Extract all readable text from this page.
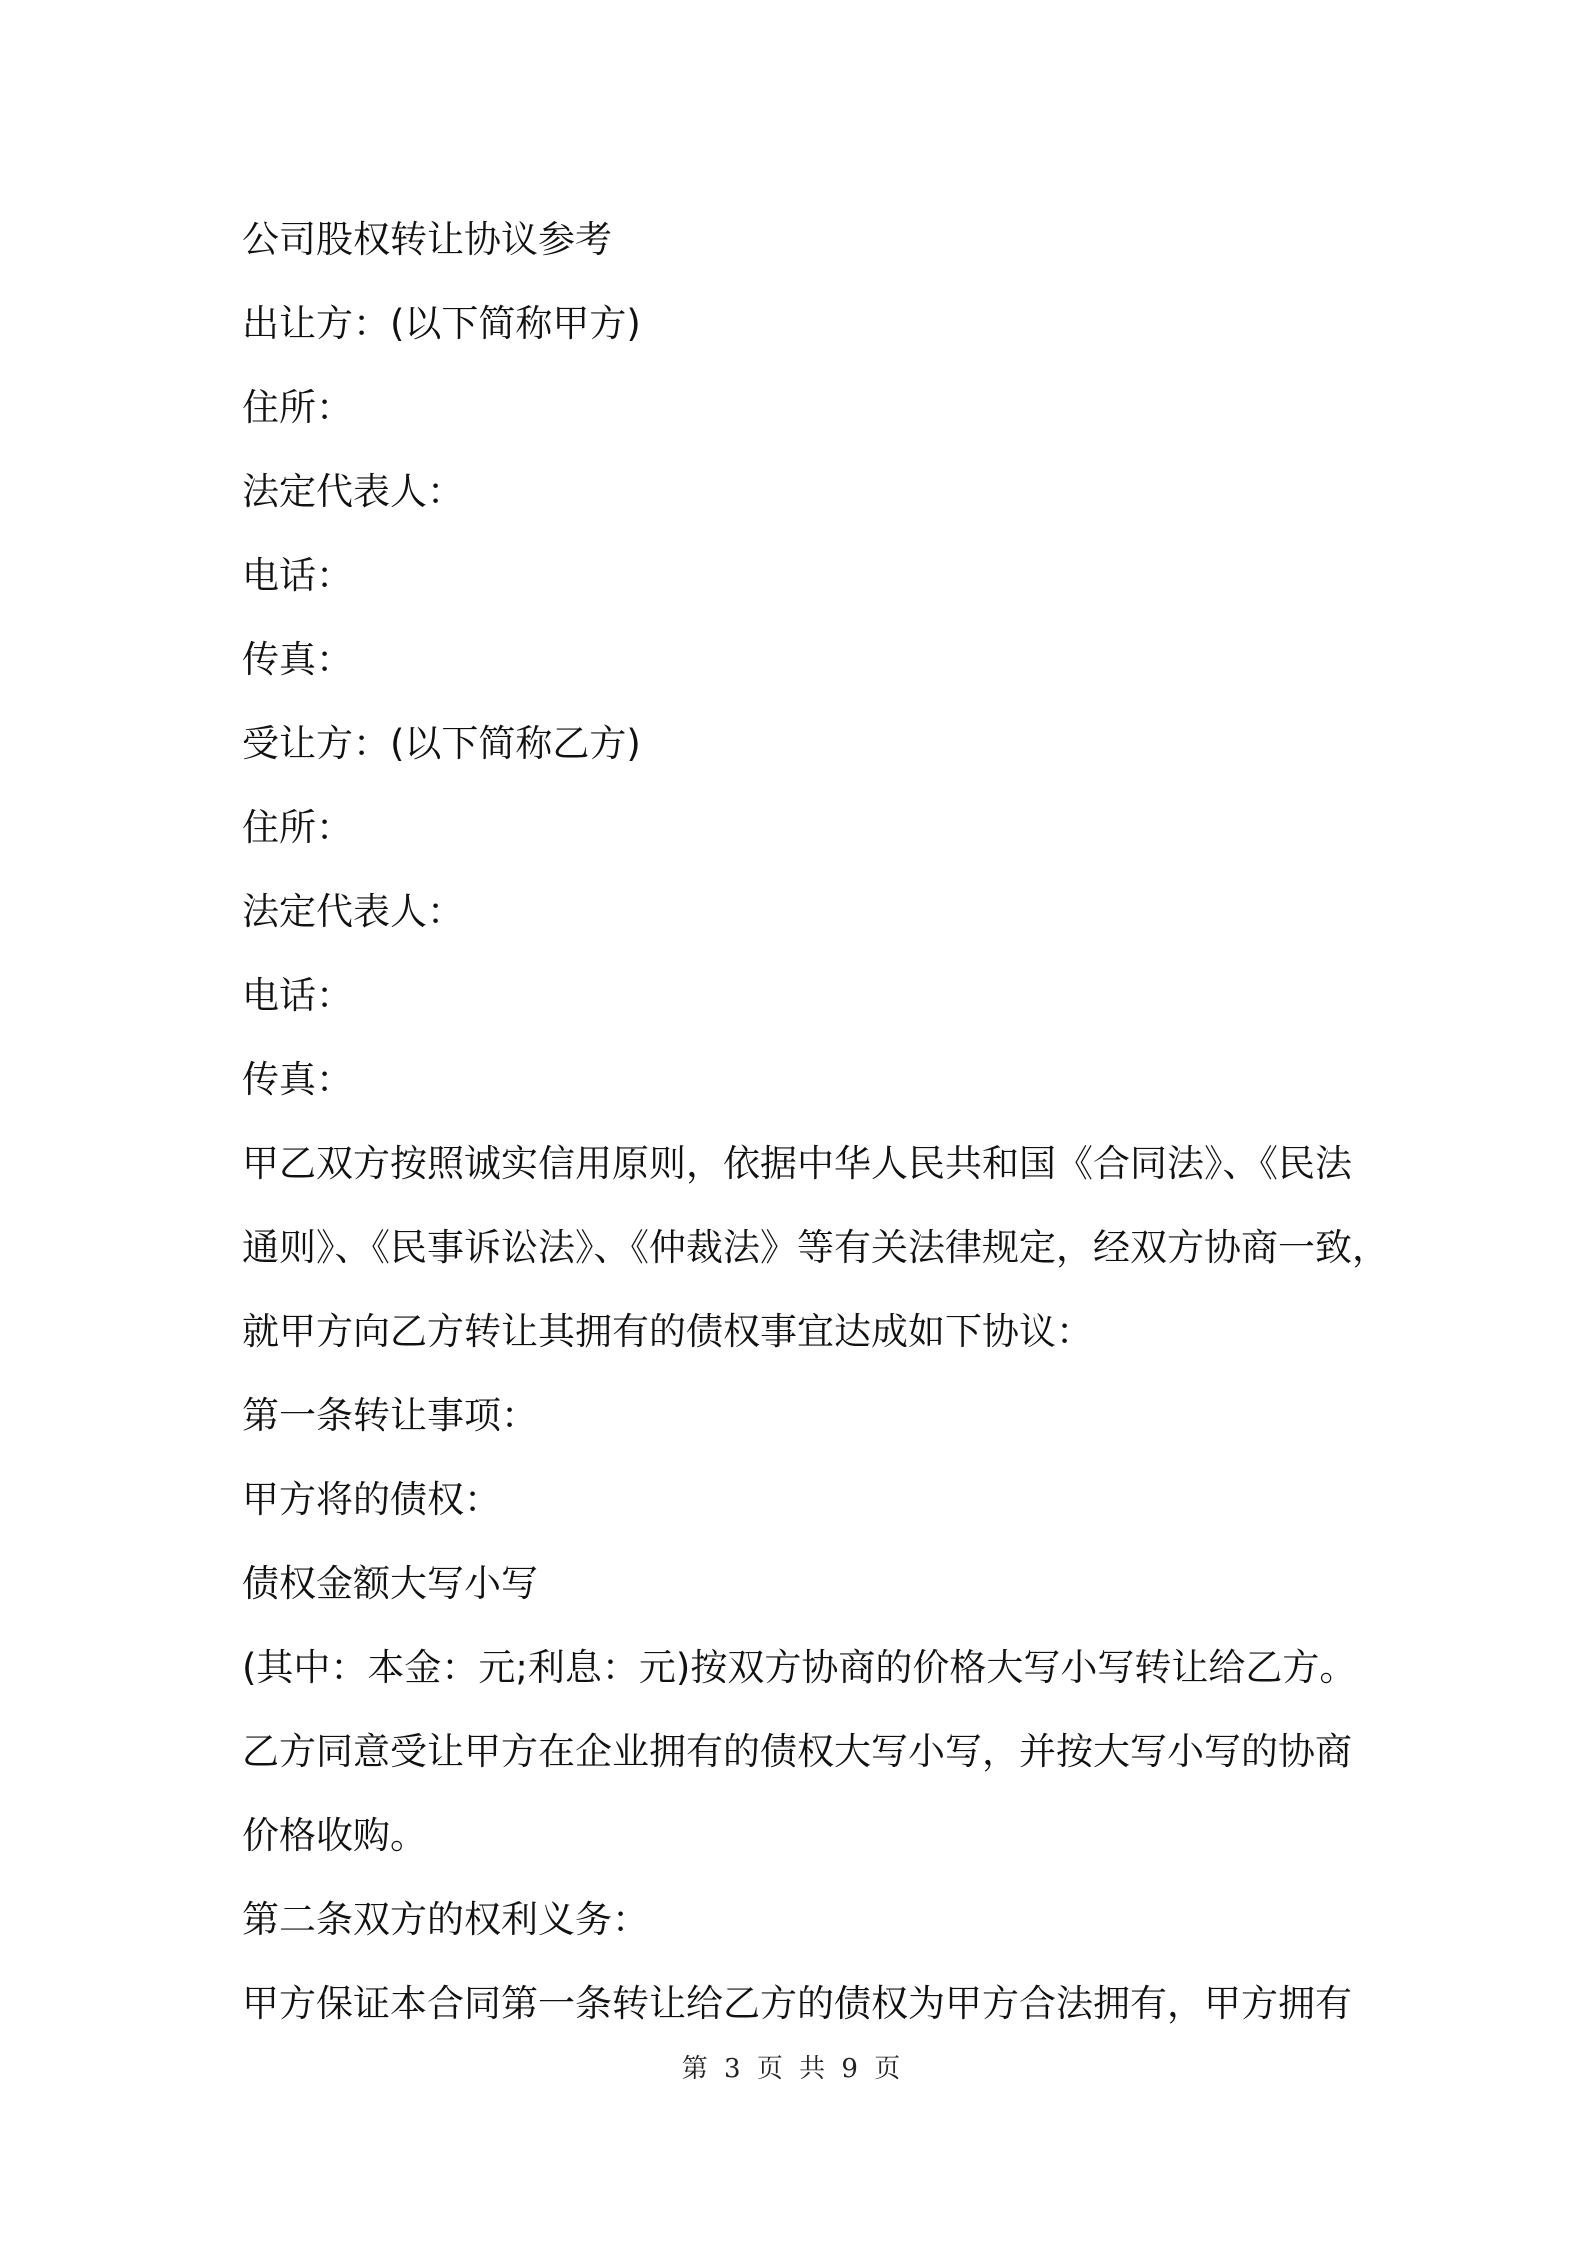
公司股权转让协议参考
出让方：(以下简称甲方)
住所：
法定代表人：
电话：
传真：
受让方：(以下简称乙方)
住所：
法定代表人：
电话：
传真：
甲乙双方按照诚实信用原则，依据中华人民共和国《合同法》、《民法
通则》、《民事诉讼法》、《仲裁法》等有关法律规定，经双方协商一致，
就甲方向乙方转让其拥有的债权事宜达成如下协议：
第一条转让事项：
甲方将的债权：
债权金额大写小写
(其中：本金：元;利息：元)按双方协商的价格大写小写转让给乙方。
乙方同意受让甲方在企业拥有的债权大写小写，并按大写小写的协商
价格收购。
第二条双方的权利义务：
甲方保证本合同第一条转让给乙方的债权为甲方合法拥有，甲方拥有
第 3 页 共 9 页
